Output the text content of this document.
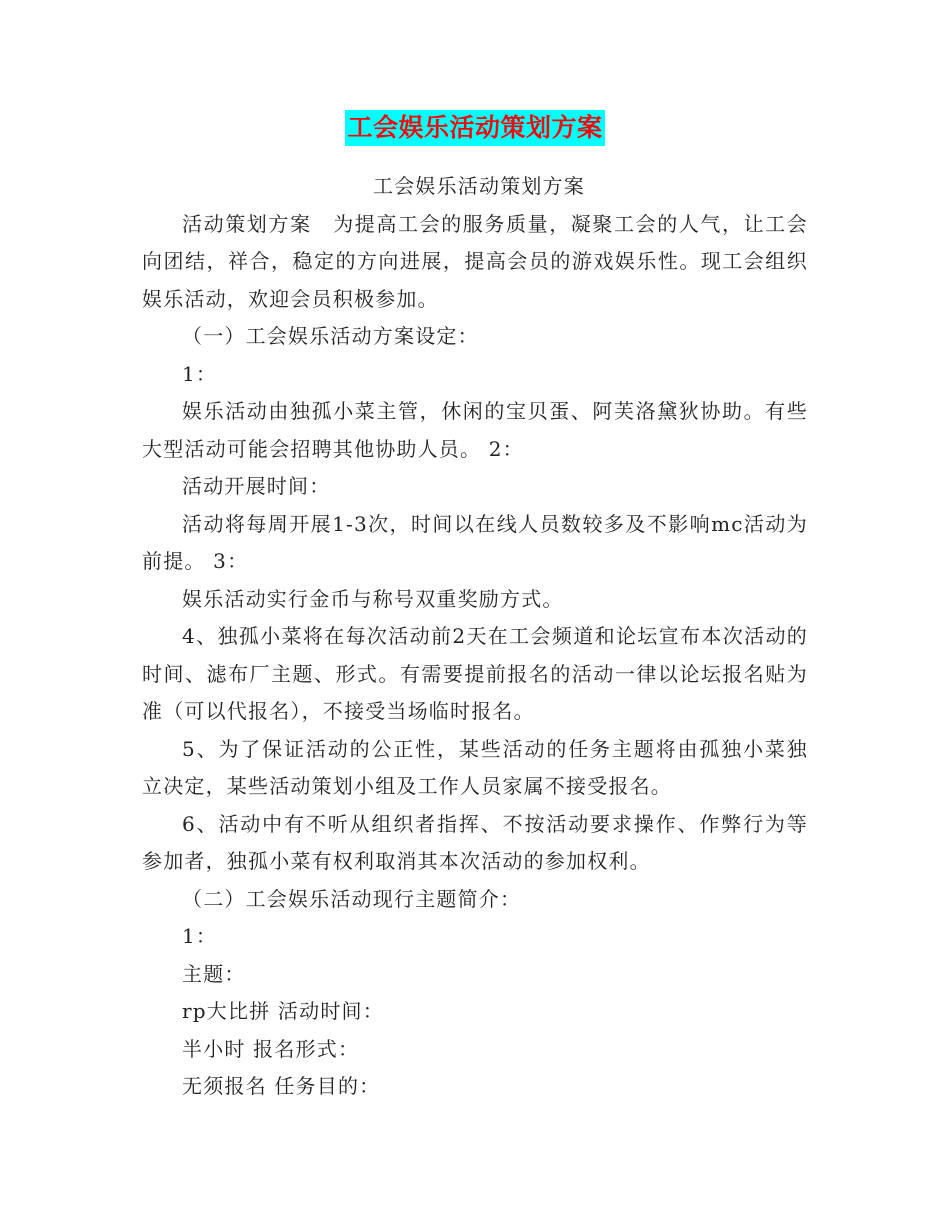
工会娱乐活动策划方案

工会娱乐活动策划方案

活动策划方案　为提高工会的服务质量，凝聚工会的人气，让工会向团结，祥合，稳定的方向进展，提高会员的游戏娱乐性。现工会组织娱乐活动，欢迎会员积极参加。

（一）工会娱乐活动方案设定：

1：

娱乐活动由独孤小菜主管，休闲的宝贝蛋、阿芙洛黛狄协助。有些大型活动可能会招聘其他协助人员。 2：

活动开展时间：

活动将每周开展1-3次，时间以在线人员数较多及不影响mc活动为前提。 3：

娱乐活动实行金币与称号双重奖励方式。

4、独孤小菜将在每次活动前2天在工会频道和论坛宣布本次活动的时间、滤布厂主题、形式。有需要提前报名的活动一律以论坛报名贴为准（可以代报名），不接受当场临时报名。

5、为了保证活动的公正性，某些活动的任务主题将由孤独小菜独立决定，某些活动策划小组及工作人员家属不接受报名。

6、活动中有不听从组织者指挥、不按活动要求操作、作弊行为等参加者，独孤小菜有权利取消其本次活动的参加权利。

（二）工会娱乐活动现行主题简介：

1：

主题：

rp大比拼 活动时间：

半小时 报名形式：

无须报名 任务目的：
